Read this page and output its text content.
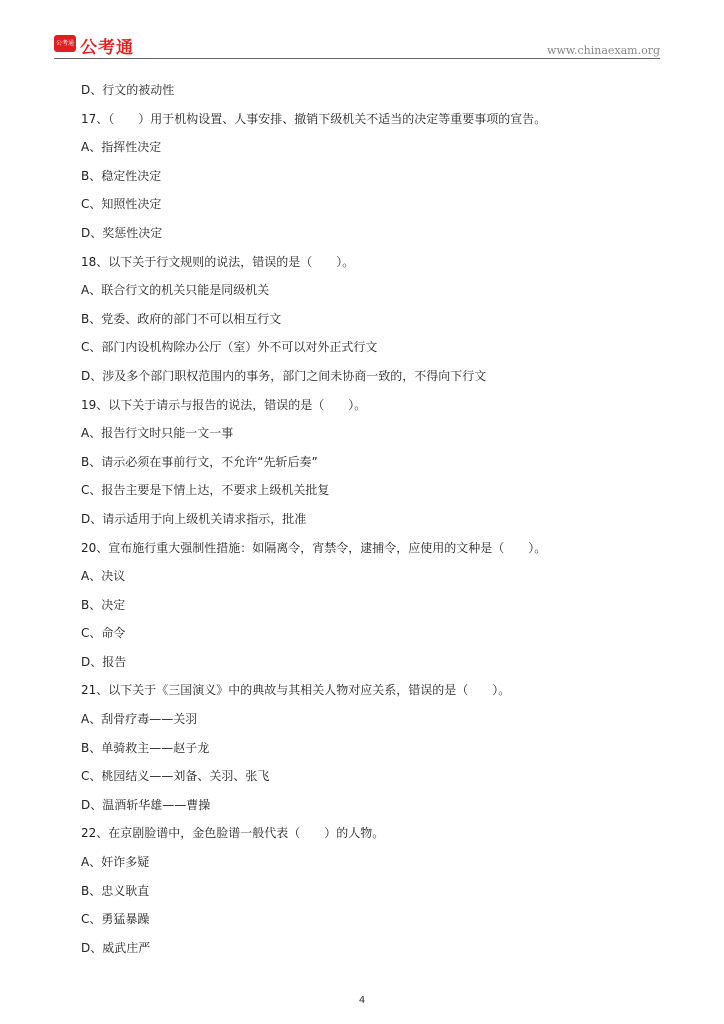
公考通 公考通	www.chinaexam.org
D、行文的被动性
17、（　　）用于机构设置、人事安排、撤销下级机关不适当的决定等重要事项的宣告。
A、指挥性决定
B、稳定性决定
C、知照性决定
D、奖惩性决定
18、以下关于行文规则的说法，错误的是（　　）。
A、联合行文的机关只能是同级机关
B、党委、政府的部门不可以相互行文
C、部门内设机构除办公厅（室）外不可以对外正式行文
D、涉及多个部门职权范围内的事务，部门之间未协商一致的，不得向下行文
19、以下关于请示与报告的说法，错误的是（　　）。
A、报告行文时只能一文一事
B、请示必须在事前行文，不允许“先斩后奏”
C、报告主要是下情上达，不要求上级机关批复
D、请示适用于向上级机关请求指示，批准
20、宣布施行重大强制性措施：如隔离令，宵禁令，逮捕令，应使用的文种是（　　）。
A、决议
B、决定
C、命令
D、报告
21、以下关于《三国演义》中的典故与其相关人物对应关系，错误的是（　　）。
A、刮骨疗毒——关羽
B、单骑救主——赵子龙
C、桃园结义——刘备、关羽、张飞
D、温酒斩华雄——曹操
22、在京剧脸谱中，金色脸谱一般代表（　　）的人物。
A、奸诈多疑
B、忠义耿直
C、勇猛暴躁
D、威武庄严
4
